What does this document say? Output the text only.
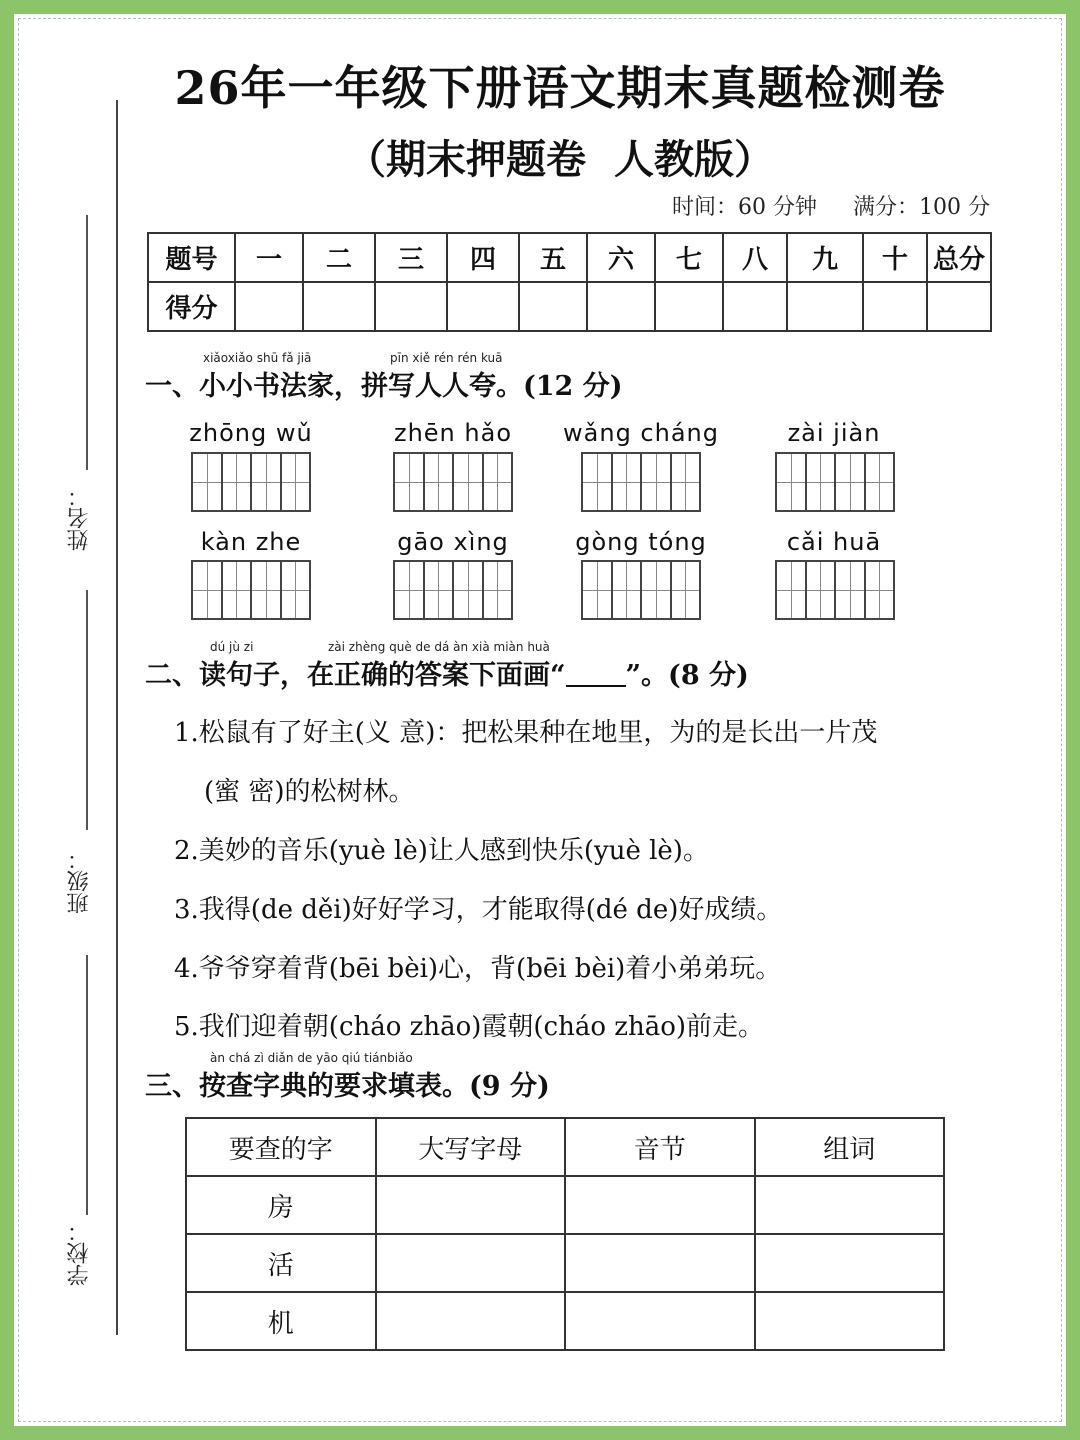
姓名：
班级：
学校：
26年一年级下册语文期末真题检测卷
（期末押题卷 人教版）
时间：60 分钟 满分：100 分
题号	一	二	三	四	五	六	七	八	九	十	总分
得分											
xiǎoxiǎo shū fǎ jiā	pīn xiě rén rén kuā
一、小小书法家，拼写人人夸。(12 分)
zhōng wǔ	zhēn hǎo	wǎng cháng	zài jiàn
kàn zhe	gāo xìng	gòng tóng	cǎi huā
dú jù zi	zài zhèng què de dá àn xià miàn huà
二、读句子，在正确的答案下面画“ ”。(8 分)
1.松鼠有了好主(义 意)：把松果种在地里，为的是长出一片茂
(蜜 密)的松树林。
2.美妙的音乐(yuè lè)让人感到快乐(yuè lè)。
3.我得(de děi)好好学习，才能取得(dé de)好成绩。
4.爷爷穿着背(bēi bèi)心，背(bēi bèi)着小弟弟玩。
5.我们迎着朝(cháo zhāo)霞朝(cháo zhāo)前走。
àn chá zì diǎn de yāo qiú tiánbiǎo
三、按查字典的要求填表。(9 分)
要查的字	大写字母	音节	组词
房			
活			
机			
